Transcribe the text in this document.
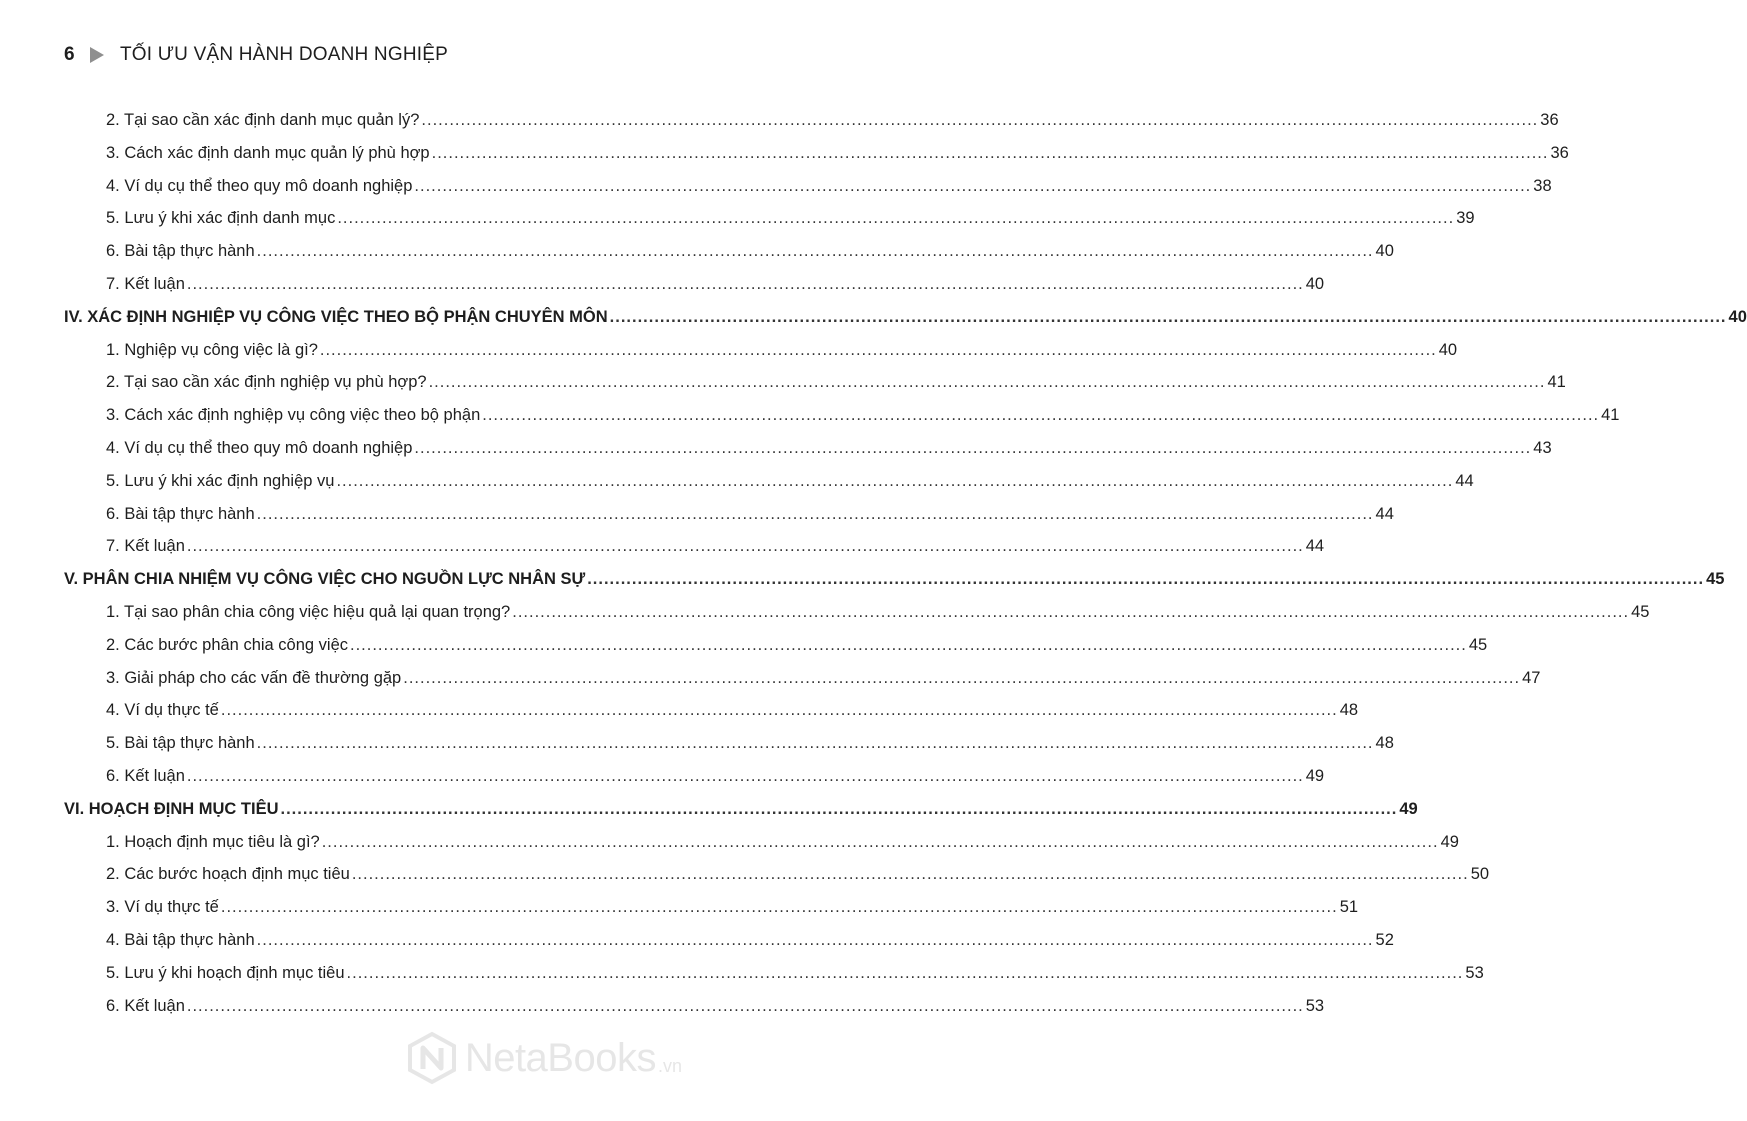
6	TỐI ƯU VẬN HÀNH DOANH NGHIỆP
2. Tại sao cần xác định danh mục quản lý? ........................................................................................................................................................................................................ 36
3. Cách xác định danh mục quản lý phù hợp ........................................................................................................................................................................................................ 36
4. Ví dụ cụ thể theo quy mô doanh nghiệp ........................................................................................................................................................................................................ 38
5. Lưu ý khi xác định danh mục ........................................................................................................................................................................................................ 39
6. Bài tập thực hành ........................................................................................................................................................................................................ 40
7. Kết luận ........................................................................................................................................................................................................ 40
IV. XÁC ĐỊNH NGHIỆP VỤ CÔNG VIỆC THEO BỘ PHẬN CHUYÊN MÔN ........................................................................................................................................................................................................ 40
1. Nghiệp vụ công việc là gì? ........................................................................................................................................................................................................ 40
2. Tại sao cần xác định nghiệp vụ phù hợp? ........................................................................................................................................................................................................ 41
3. Cách xác định nghiệp vụ công việc theo bộ phận ........................................................................................................................................................................................................ 41
4. Ví dụ cụ thể theo quy mô doanh nghiệp ........................................................................................................................................................................................................ 43
5. Lưu ý khi xác định nghiệp vụ ........................................................................................................................................................................................................ 44
6. Bài tập thực hành ........................................................................................................................................................................................................ 44
7. Kết luận ........................................................................................................................................................................................................ 44
V. PHÂN CHIA NHIỆM VỤ CÔNG VIỆC CHO NGUỒN LỰC NHÂN SỰ ........................................................................................................................................................................................................ 45
1. Tại sao phân chia công việc hiệu quả lại quan trọng? ........................................................................................................................................................................................................ 45
2. Các bước phân chia công việc ........................................................................................................................................................................................................ 45
3. Giải pháp cho các vấn đề thường gặp ........................................................................................................................................................................................................ 47
4. Ví dụ thực tế ........................................................................................................................................................................................................ 48
5. Bài tập thực hành ........................................................................................................................................................................................................ 48
6. Kết luận ........................................................................................................................................................................................................ 49
VI. HOẠCH ĐỊNH MỤC TIÊU ........................................................................................................................................................................................................ 49
1. Hoạch định mục tiêu là gì? ........................................................................................................................................................................................................ 49
2. Các bước hoạch định mục tiêu ........................................................................................................................................................................................................ 50
3. Ví dụ thực tế ........................................................................................................................................................................................................ 51
4. Bài tập thực hành ........................................................................................................................................................................................................ 52
5. Lưu ý khi hoạch định mục tiêu ........................................................................................................................................................................................................ 53
6. Kết luận ........................................................................................................................................................................................................ 53
NetaBooks .vn
